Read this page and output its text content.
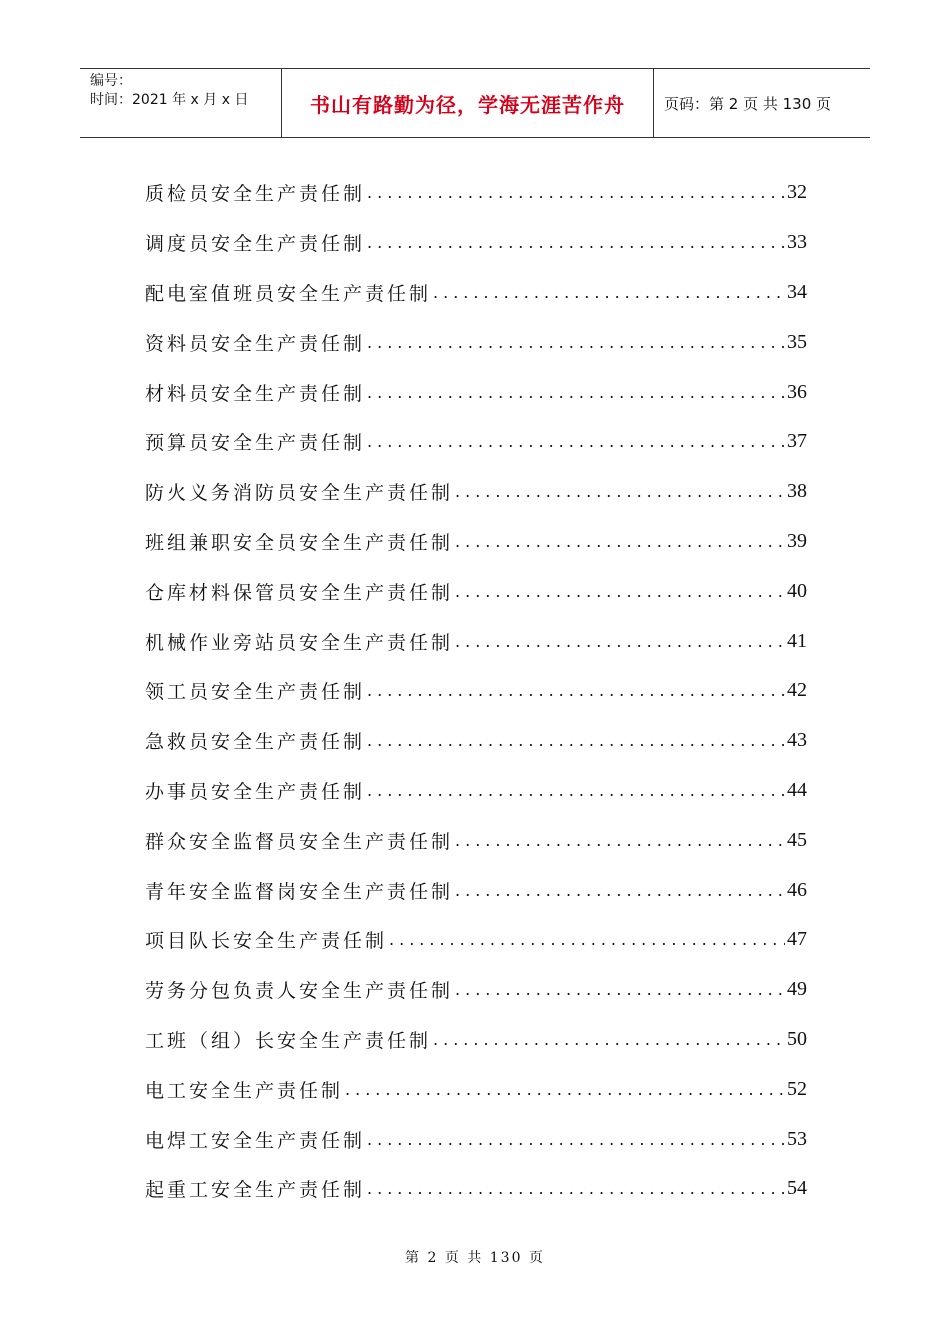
编号：
时间：2021 年 x 月 x 日	书山有路勤为径，学海无涯苦作舟	页码：第 2 页 共 130 页
质检员安全生产责任制 .....	32
调度员安全生产责任制 .....	33
配电室值班员安全生产责任制 .....	34
资料员安全生产责任制 .....	35
材料员安全生产责任制 .....	36
预算员安全生产责任制 .....	37
防火义务消防员安全生产责任制 .....	38
班组兼职安全员安全生产责任制 .....	39
仓库材料保管员安全生产责任制 .....	40
机械作业旁站员安全生产责任制 .....	41
领工员安全生产责任制 .....	42
急救员安全生产责任制 .....	43
办事员安全生产责任制 .....	44
群众安全监督员安全生产责任制 .....	45
青年安全监督岗安全生产责任制 .....	46
项目队长安全生产责任制 .....	47
劳务分包负责人安全生产责任制 .....	49
工班（组）长安全生产责任制 .....	50
电工安全生产责任制 .....	52
电焊工安全生产责任制 .....	53
起重工安全生产责任制 .....	54
第 2 页 共 130 页
